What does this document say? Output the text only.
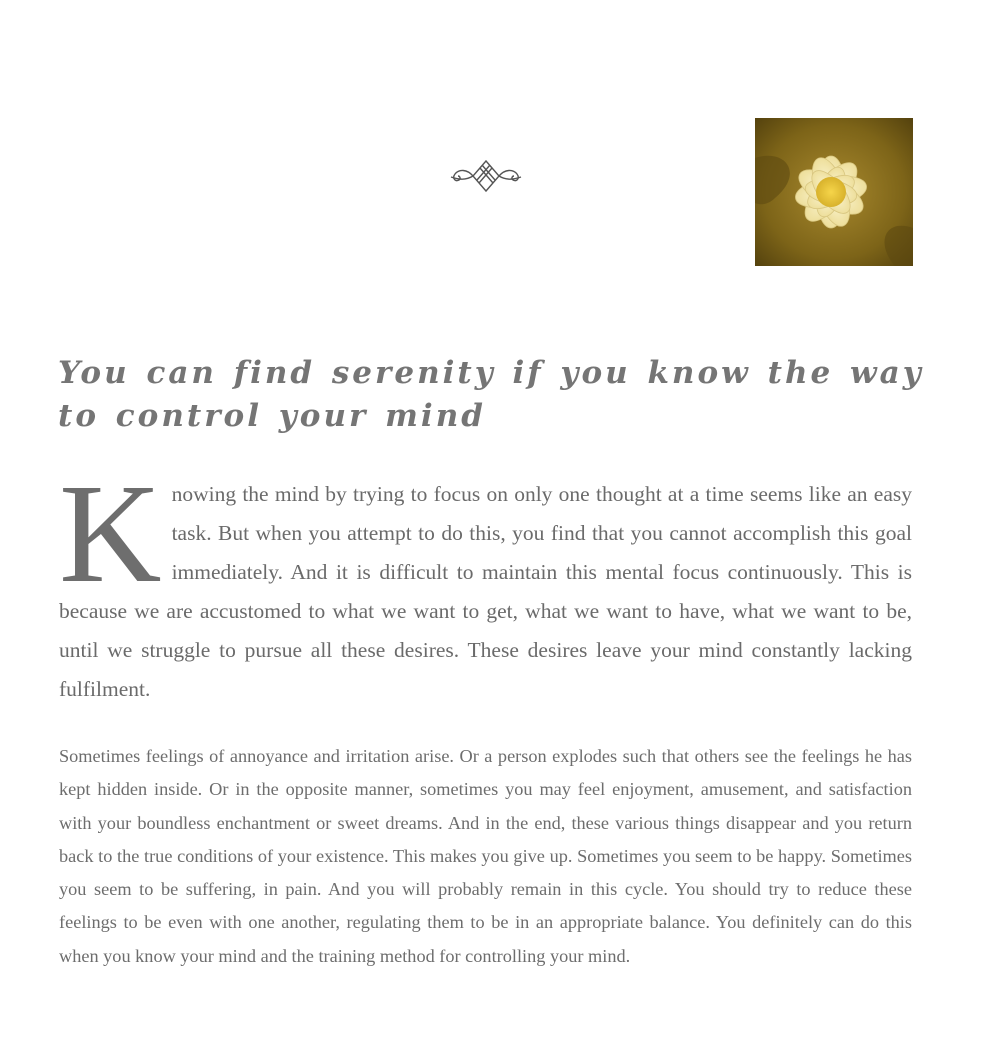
You can find serenity if you know the way to control your mind

Knowing the mind by trying to focus on only one thought at a time seems like an easy task. But when you attempt to do this, you find that you cannot accomplish this goal immediately. And it is difficult to maintain this mental focus continuously. This is because we are accustomed to what we want to get, what we want to have, what we want to be, until we struggle to pursue all these desires. These desires leave your mind constantly lacking fulfilment.

Sometimes feelings of annoyance and irritation arise. Or a person explodes such that others see the feelings he has kept hidden inside. Or in the opposite manner, sometimes you may feel enjoyment, amusement, and satisfaction with your boundless enchantment or sweet dreams. And in the end, these various things disappear and you return back to the true conditions of your existence. This makes you give up. Sometimes you seem to be happy. Sometimes you seem to be suffering, in pain. And you will probably remain in this cycle. You should try to reduce these feelings to be even with one another, regulating them to be in an appropriate balance. You definitely can do this when you know your mind and the training method for controlling your mind.
